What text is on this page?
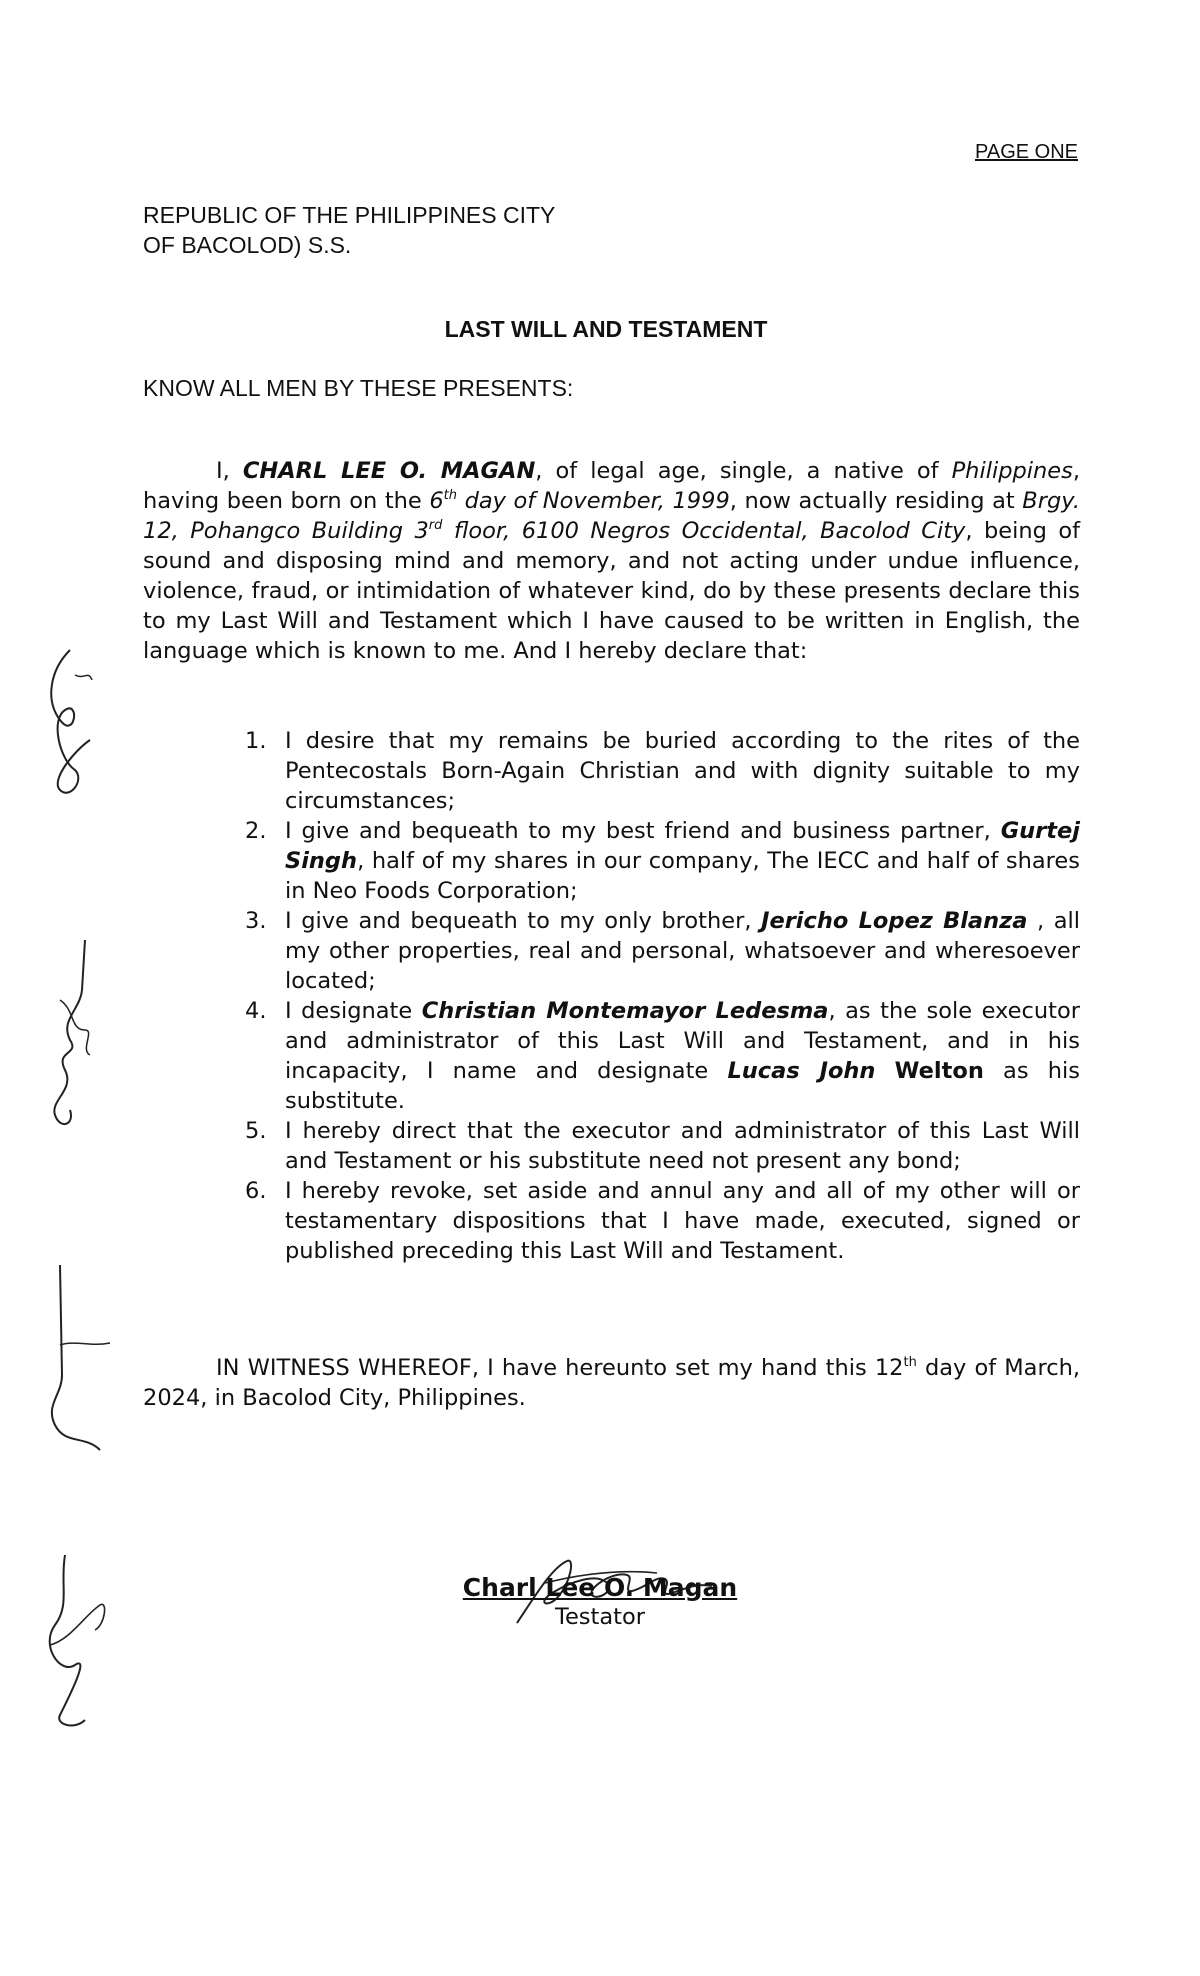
PAGE ONE
REPUBLIC OF THE PHILIPPINES CITY
OF BACOLOD) S.S.
LAST WILL AND TESTAMENT
KNOW ALL MEN BY THESE PRESENTS:

I, CHARL LEE O. MAGAN, of legal age, single, a native of Philippines, having been born on the 6th day of November, 1999, now actually residing at Brgy. 12, Pohangco Building 3rd floor, 6100 Negros Occidental, Bacolod City, being of sound and disposing mind and memory, and not acting under undue influence, violence, fraud, or intimidation of whatever kind, do by these presents declare this to my Last Will and Testament which I have caused to be written in English, the language which is known to me. And I hereby declare that:

1. I desire that my remains be buried according to the rites of the Pentecostals Born-Again Christian and with dignity suitable to my circumstances;
2. I give and bequeath to my best friend and business partner, Gurtej Singh, half of my shares in our company, The IECC and half of shares in Neo Foods Corporation;
3. I give and bequeath to my only brother, Jericho Lopez Blanza , all my other properties, real and personal, whatsoever and wheresoever located;
4. I designate Christian Montemayor Ledesma, as the sole executor and administrator of this Last Will and Testament, and in his incapacity, I name and designate Lucas John Welton as his substitute.
5. I hereby direct that the executor and administrator of this Last Will and Testament or his substitute need not present any bond;
6. I hereby revoke, set aside and annul any and all of my other will or testamentary dispositions that I have made, executed, signed or published preceding this Last Will and Testament.

IN WITNESS WHEREOF, I have hereunto set my hand this 12th day of March, 2024, in Bacolod City, Philippines.

Charl Lee O. Magan
Testator
